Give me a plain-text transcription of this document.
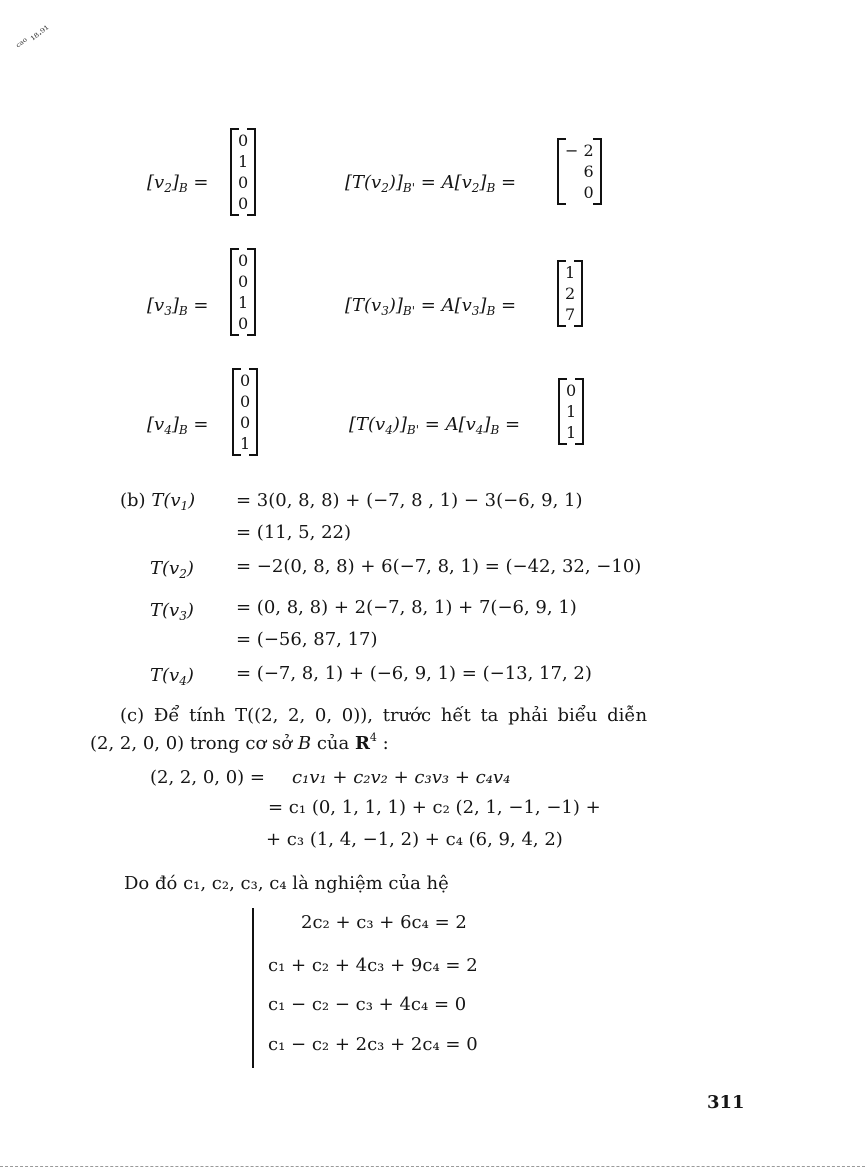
ᶜᵃᵒ ₁₈.₉₁
$[v_2]_B$ =
0
1
0
0
$[T(v_2)]_{B'} = A[v_2]_B$ =
− 2
6
0
$[v_3]_B$ =
0
0
1
0
$[T(v_3)]_{B'} = A[v_3]_B$ =
1
2
7
$[v_4]_B$ =
0
0
0
1
$[T(v_4)]_{B'} = A[v_4]_B$ =
0
1
1
(b) $T(v_1) = 3(0$, 8, 8) + (−7, 8 , 1) − 3(−6, 9, 1)
= (11, 5, 22)
$T(v_2) = -2(0$, 8, 8) + 6(−7, 8, 1) = (−42, 32, −10)
$T(v_3) = (0$, 8, 8) + 2(−7, 8, 1) + 7(−6, 9, 1)
= (−56, 87, 17)
$T(v_4) = (-7$, 8, 1) + (−6, 9, 1) = (−13, 17, 2)
(c) Để tính T((2, 2, 0, 0)), trước hết ta phải biểu diễn
(2, 2, 0, 0) trong cơ sở B của $R^4$ :
(2, 2, 0, 0) = c₁v₁ + c₂v₂ + c₃v₃ + c₄v₄
= c₁ (0, 1, 1, 1) + c₂ (2, 1, −1, −1) +
+ c₃ (1, 4, −1, 2) + c₄ (6, 9, 4, 2)
Do đó c₁, c₂, c₃, c₄ là nghiệm của hệ
2c₂ + c₃ + 6c₄ = 2
c₁ + c₂ + 4c₃ + 9c₄ = 2
c₁ − c₂ − c₃ + 4c₄ = 0
c₁ − c₂ + 2c₃ + 2c₄ = 0
311
